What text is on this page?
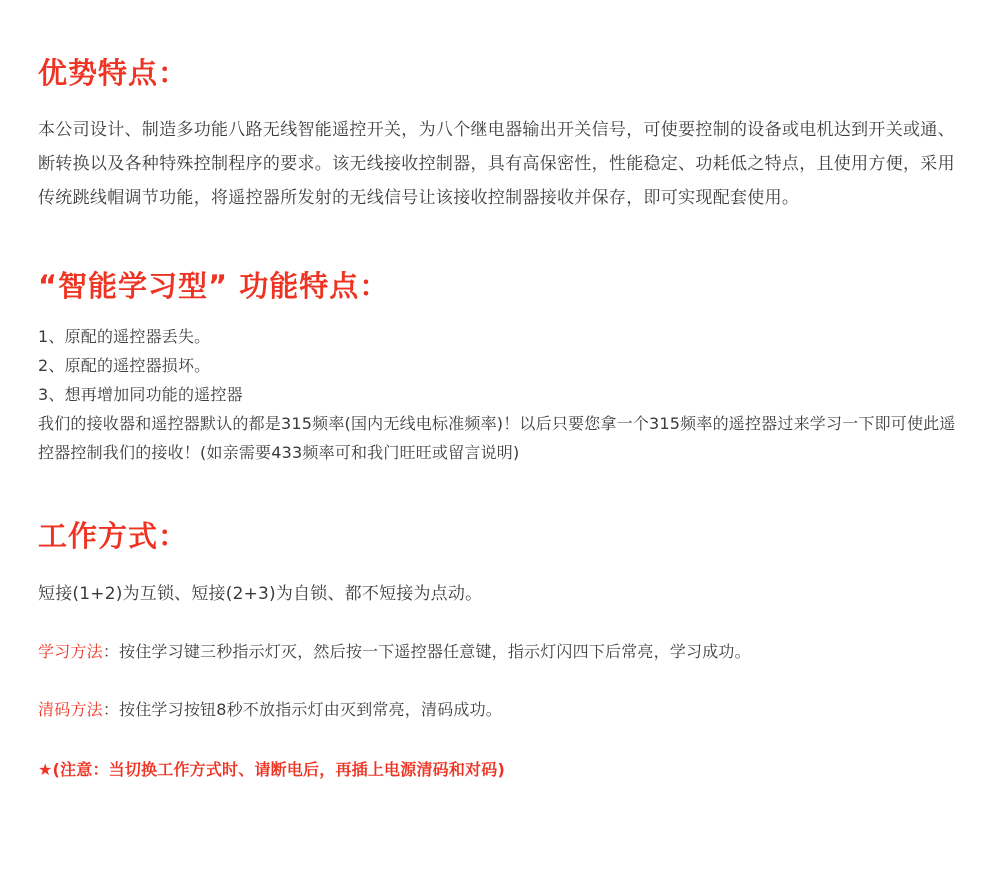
优势特点：

本公司设计、制造多功能八路无线智能遥控开关，为八个继电器输出开关信号，可使要控制的设备或电机达到开关或通、断转换以及各种特殊控制程序的要求。该无线接收控制器，具有高保密性，性能稳定、功耗低之特点，且使用方便，采用传统跳线帽调节功能，将遥控器所发射的无线信号让该接收控制器接收并保存，即可实现配套使用。

“智能学习型” 功能特点：
1、原配的遥控器丢失。
2、原配的遥控器损坏。
3、想再增加同功能的遥控器
我们的接收器和遥控器默认的都是315频率(国内无线电标准频率)！以后只要您拿一个315频率的遥控器过来学习一下即可使此遥控器控制我们的接收！(如亲需要433频率可和我门旺旺或留言说明)
工作方式：

短接(1+2)为互锁、短接(2+3)为自锁、都不短接为点动。

学习方法：按住学习键三秒指示灯灭，然后按一下遥控器任意键，指示灯闪四下后常亮，学习成功。

清码方法：按住学习按钮8秒不放指示灯由灭到常亮，清码成功。

★(注意：当切换工作方式时、请断电后，再插上电源清码和对码)
